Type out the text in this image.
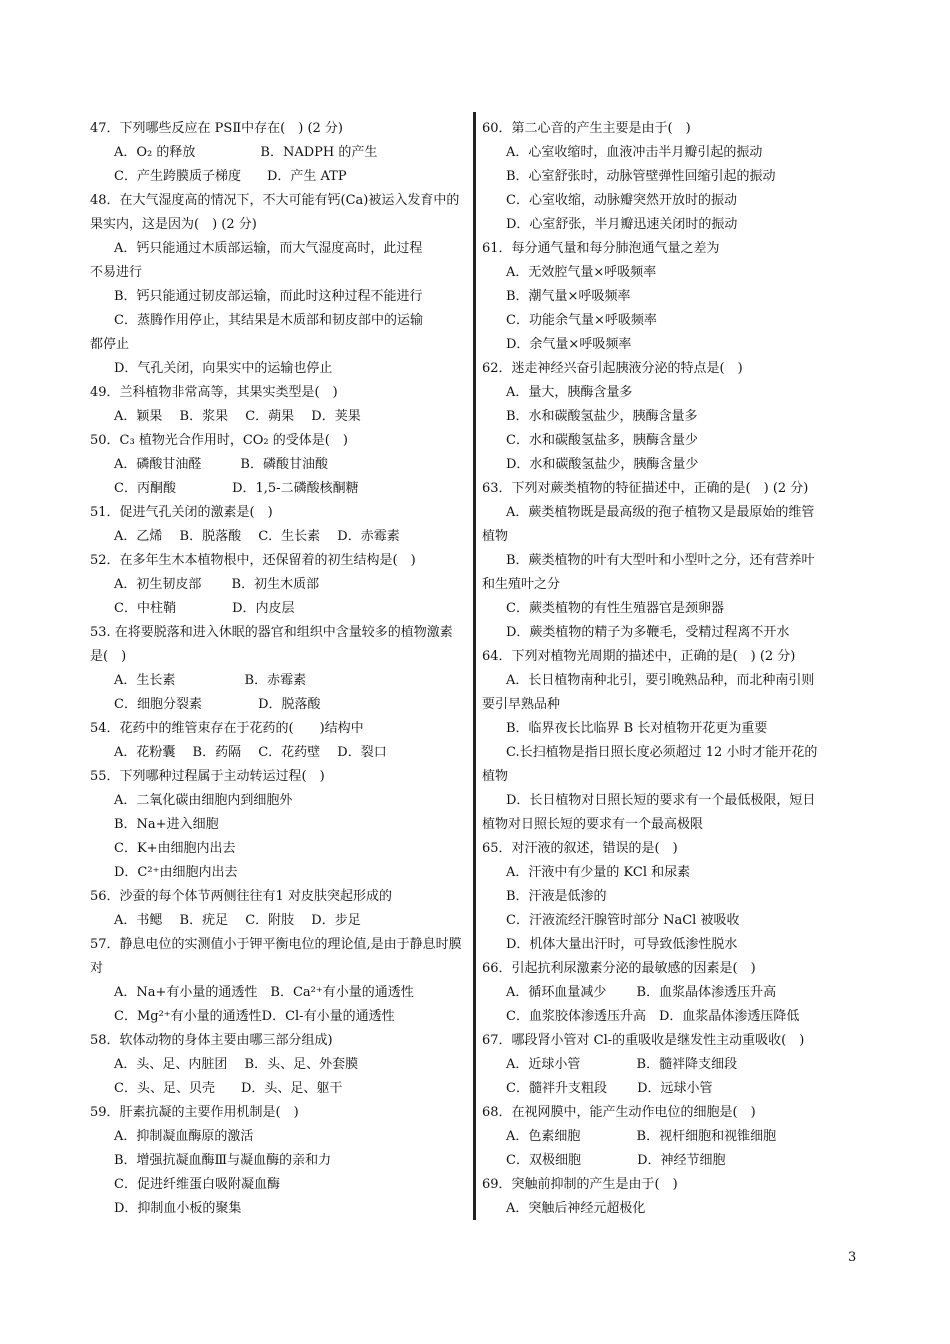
47．下列哪些反应在 PSⅡ中存在(　) (2 分)

A．O₂ 的释放　　　　　B．NADPH 的产生

C．产生跨膜质子梯度　　D．产生 ATP

48．在大气湿度高的情况下，不大可能有钙(Ca)被运入发育中的果实内，这是因为(　) (2 分)

A．钙只能通过木质部运输，而大气湿度高时，此过程
不易进行

B．钙只能通过韧皮部运输，而此时这种过程不能进行

C．蒸腾作用停止，其结果是木质部和韧皮部中的运输
都停止

D．气孔关闭，向果实中的运输也停止

49．兰科植物非常高等，其果实类型是(　)

A．颖果　 B．浆果　 C．蒴果　 D．荚果

50．C₃ 植物光合作用时，CO₂ 的受体是(　)

A．磷酸甘油醛　　　B．磷酸甘油酸

C．丙酮酸　　　　 D．1,5-二磷酸核酮糖

51．促进气孔关闭的激素是(　)

A．乙烯　 B．脱落酸　 C．生长素　 D．赤霉素

52．在多年生木本植物根中，还保留着的初生结构是(　)

A．初生韧皮部　　 B．初生木质部

C．中柱鞘　　　　 D．内皮层

53. 在将要脱落和进入休眠的器官和组织中含量较多的植物激素是(　)

A．生长素　　　　　 B．赤霉素

C．细胞分裂素　　　　 D．脱落酸

54．花药中的维管束存在于花药的(　　)结构中

A．花粉囊　 B．药隔　 C．花药壁　 D．裂口

55．下列哪种过程属于主动转运过程(　)

A．二氧化碳由细胞内到细胞外

B．Na+进入细胞

C．K+由细胞内出去

D．C²⁺由细胞内出去

56．沙蚕的每个体节两侧往往有1 对皮肤突起形成的

A．书鳃　 B．疣足　 C．附肢　 D．步足

57．静息电位的实测值小于钾平衡电位的理论值,是由于静息时膜对

A．Na+有小量的通透性　B．Ca²⁺有小量的通透性

C．Mg²⁺有小量的通透性D．Cl-有小量的通透性

58．软体动物的身体主要由哪三部分组成)

A．头、足、内脏团　 B．头、足、外套膜

C．头、足、贝壳　　D．头、足、躯干

59．肝素抗凝的主要作用机制是(　)

A．抑制凝血酶原的激活

B．增强抗凝血酶Ⅲ与凝血酶的亲和力

C．促进纤维蛋白吸附凝血酶

D．抑制血小板的聚集

60．第二心音的产生主要是由于(　)

A．心室收缩时，血液冲击半月瓣引起的振动

B．心室舒张时，动脉管壁弹性回缩引起的振动

C．心室收缩，动脉瓣突然开放时的振动

D．心室舒张，半月瓣迅速关闭时的振动

61．每分通气量和每分肺泡通气量之差为

A．无效腔气量×呼吸频率

B．潮气量×呼吸频率

C．功能余气量×呼吸频率

D．余气量×呼吸频率

62．迷走神经兴奋引起胰液分泌的特点是(　)

A．量大，胰酶含量多

B．水和碳酸氢盐少，胰酶含量多

C．水和碳酸氢盐多，胰酶含量少

D．水和碳酸氢盐少，胰酶含量少

63．下列对蕨类植物的特征描述中，正确的是(　) (2 分)

A．蕨类植物既是最高级的孢子植物又是最原始的维管
植物

B．蕨类植物的叶有大型叶和小型叶之分，还有营养叶
和生殖叶之分

C．蕨类植物的有性生殖器官是颈卵器

D．蕨类植物的精子为多鞭毛，受精过程离不开水

64．下列对植物光周期的描述中，正确的是(　) (2 分)

A．长日植物南种北引，要引晚熟品种，而北种南引则
要引早熟品种

B．临界夜长比临界 B 长对植物开花更为重要

C.长扫植物是指日照长度必须超过 12 小时才能开花的
植物

D．长日植物对日照长短的要求有一个最低极限，短日
植物对日照长短的要求有一个最高极限

65．对汗液的叙述，错误的是(　)

A．汗液中有少量的 KCl 和尿素

B．汗液是低渗的

C．汗液流经汗腺管时部分 NaCl 被吸收

D．机体大量出汗时，可导致低渗性脱水

66．引起抗利尿激素分泌的最敏感的因素是(　)

A．循环血量减少　　 B．血浆晶体渗透压升高

C．血浆胶体渗透压升高　D．血浆晶体渗透压降低

67．哪段肾小管对 Cl-的重吸收是继发性主动重吸收(　)

A．近球小管　　　　 B．髓袢降支细段

C．髓袢升支粗段　　 D．远球小管

68．在视网膜中，能产生动作电位的细胞是(　)

A．色素细胞　　　　 B．视杆细胞和视锥细胞

C．双极细胞　　　　 D．神经节细胞

69．突触前抑制的产生是由于(　)

A．突触后神经元超极化

3
